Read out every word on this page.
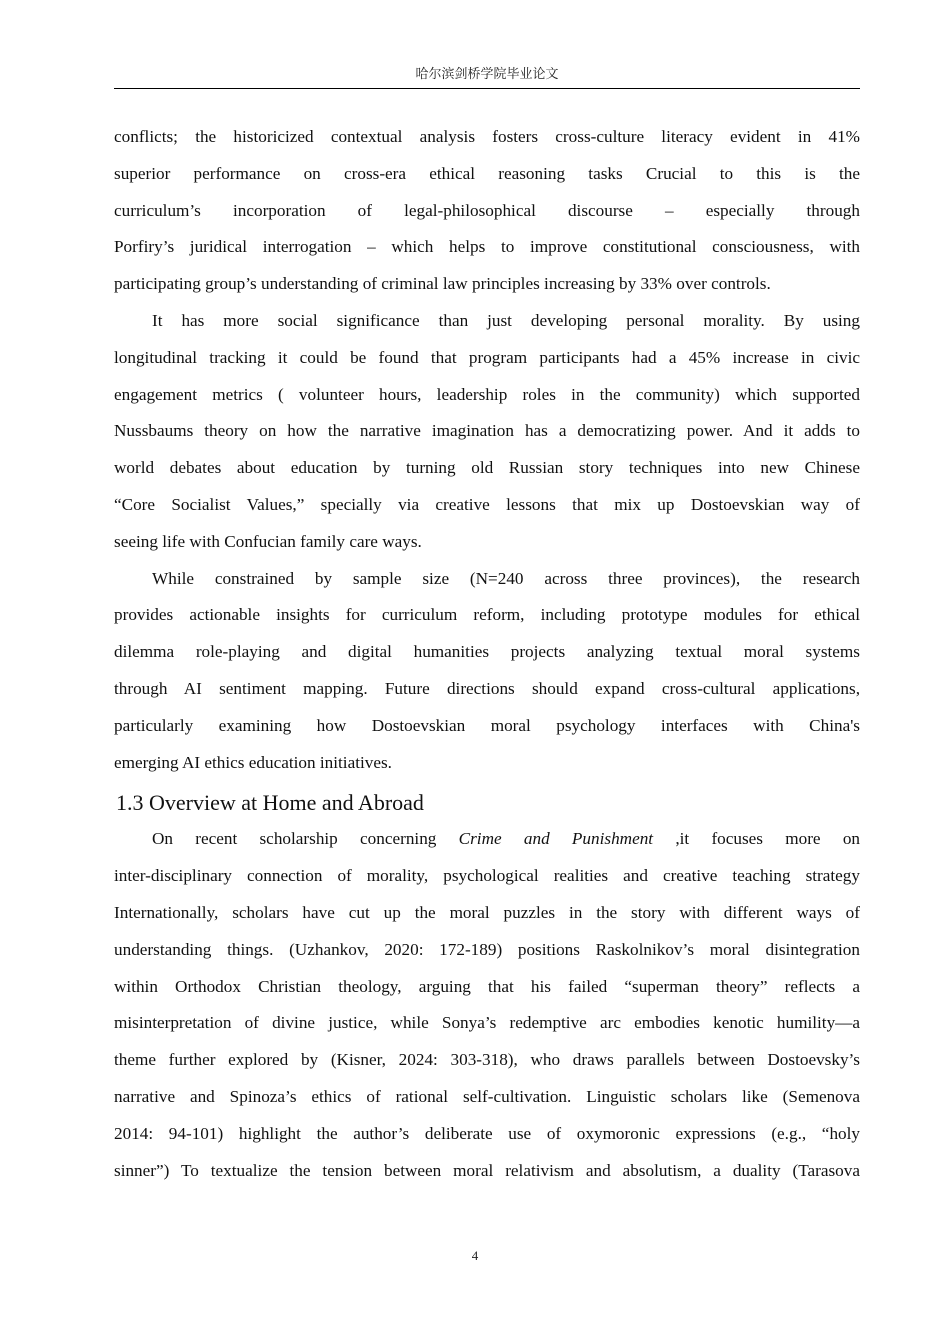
哈尔滨剑桥学院毕业论文

conflicts; the historicized contextual analysis fosters cross-culture literacy evident in 41%
superior performance on cross-era ethical reasoning tasks Crucial to this is the
curriculum’s incorporation of legal-philosophical discourse – especially through
Porfiry’s juridical interrogation – which helps to improve constitutional consciousness, with
participating group’s understanding of criminal law principles increasing by 33% over controls.

It has more social significance than just developing personal morality. By using
longitudinal tracking it could be found that program participants had a 45% increase in civic
engagement metrics ( volunteer hours, leadership roles in the community) which supported
Nussbaums theory on how the narrative imagination has a democratizing power. And it adds to
world debates about education by turning old Russian story techniques into new Chinese
“Core Socialist Values,” specially via creative lessons that mix up Dostoevskian way of
seeing life with Confucian family care ways.

While constrained by sample size (N=240 across three provinces), the research
provides actionable insights for curriculum reform, including prototype modules for ethical
dilemma role-playing and digital humanities projects analyzing textual moral systems
through AI sentiment mapping. Future directions should expand cross-cultural applications,
particularly examining how Dostoevskian moral psychology interfaces with China's
emerging AI ethics education initiatives.

1.3 Overview at Home and Abroad

On recent scholarship concerning Crime and Punishment ,it focuses more on
inter-disciplinary connection of morality, psychological realities and creative teaching strategy
Internationally, scholars have cut up the moral puzzles in the story with different ways of
understanding things. (Uzhankov, 2020: 172-189) positions Raskolnikov’s moral disintegration
within Orthodox Christian theology, arguing that his failed “superman theory” reflects a
misinterpretation of divine justice, while Sonya’s redemptive arc embodies kenotic humility—a
theme further explored by (Kisner, 2024: 303-318), who draws parallels between Dostoevsky’s
narrative and Spinoza’s ethics of rational self-cultivation. Linguistic scholars like (Semenova
2014: 94-101) highlight the author’s deliberate use of oxymoronic expressions (e.g., “holy
sinner”) To textualize the tension between moral relativism and absolutism, a duality (Tarasova

4
